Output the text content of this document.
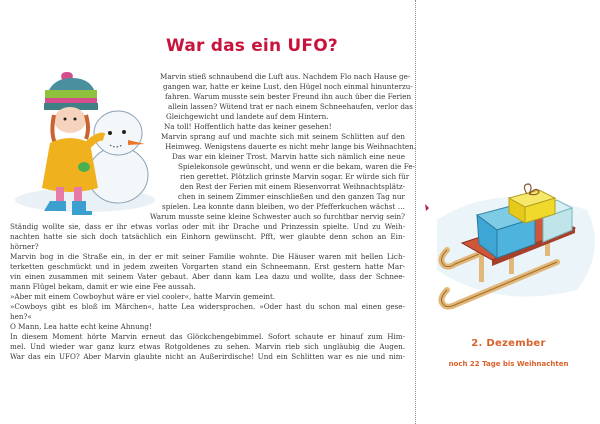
War das ein UFO?
Marvin stieß schnaubend die Luft aus. Nachdem Flo nach Hause ge-
gangen war, hatte er keine Lust, den Hügel noch einmal hinunterzu-
fahren. Warum musste sein bester Freund ihn auch über die Ferien
allein lassen? Wütend trat er nach einem Schneehaufen, verlor das
Gleichgewicht und landete auf dem Hintern.
Na toll! Hoffentlich hatte das keiner gesehen!
Marvin sprang auf und machte sich mit seinem Schlitten auf den
Heimweg. Wenigstens dauerte es nicht mehr lange bis Weihnachten.
Das war ein kleiner Trost. Marvin hatte sich nämlich eine neue
Spielekonsole gewünscht, und wenn er die bekam, waren die Fe-
rien gerettet. Plötzlich grinste Marvin sogar. Er würde sich für
den Rest der Ferien mit einem Riesenvorrat Weihnachtsplätz-
chen in seinem Zimmer einschließen und den ganzen Tag nur
spielen. Lea konnte dann bleiben, wo der Pfefferkuchen wächst …
Warum musste seine kleine Schwester auch so furchtbar nervig sein?
Ständig wollte sie, dass er ihr etwas vorlas oder mit ihr Drache und Prinzessin spielte. Und zu Weih-
nachten hatte sie sich doch tatsächlich ein Einhorn gewünscht. Pfft, wer glaubte denn schon an Ein-
hörner?
Marvin bog in die Straße ein, in der er mit seiner Familie wohnte. Die Häuser waren mit hellen Lich-
terketten geschmückt und in jedem zweiten Vorgarten stand ein Schneemann. Erst gestern hatte Mar-
vin einen zusammen mit seinem Vater gebaut. Aber dann kam Lea dazu und wollte, dass der Schnee-
mann Flügel bekam, damit er wie eine Fee aussah.
»Aber mit einem Cowboyhut wäre er viel cooler«, hatte Marvin gemeint.
»Cowboys gibt es bloß im Märchen«, hatte Lea widersprochen. »Oder hast du schon mal einen gese-
hen?«
O Mann, Lea hatte echt keine Ahnung!
In diesem Moment hörte Marvin erneut das Glöckchengebimmel. Sofort schaute er hinauf zum Him-
mel. Und wieder war ganz kurz etwas Rotgoldenes zu sehen. Marvin rieb sich ungläubig die Augen.
War das ein UFO? Aber Marvin glaubte nicht an Außerirdische! Und ein Schlitten war es nie und nim-
2. Dezember
noch 22 Tage bis Weihnachten
